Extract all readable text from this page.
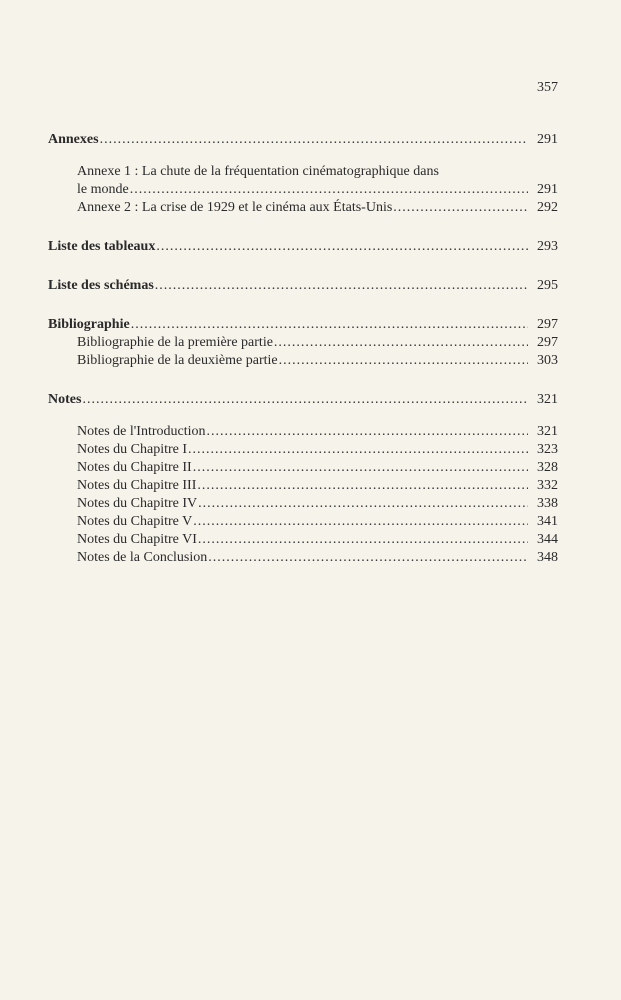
357
Annexes .....	291
Annexe 1 : La chute de la fréquentation cinématographique dans
le monde .....	291
Annexe 2 : La crise de 1929 et le cinéma aux États-Unis .....	292
Liste des tableaux .....	293
Liste des schémas .....	295
Bibliographie .....	297
Bibliographie de la première partie .....	297
Bibliographie de la deuxième partie .....	303
Notes .....	321
Notes de l'Introduction .....	321
Notes du Chapitre I .....	323
Notes du Chapitre II .....	328
Notes du Chapitre III .....	332
Notes du Chapitre IV .....	338
Notes du Chapitre V .....	341
Notes du Chapitre VI .....	344
Notes de la Conclusion .....	348
